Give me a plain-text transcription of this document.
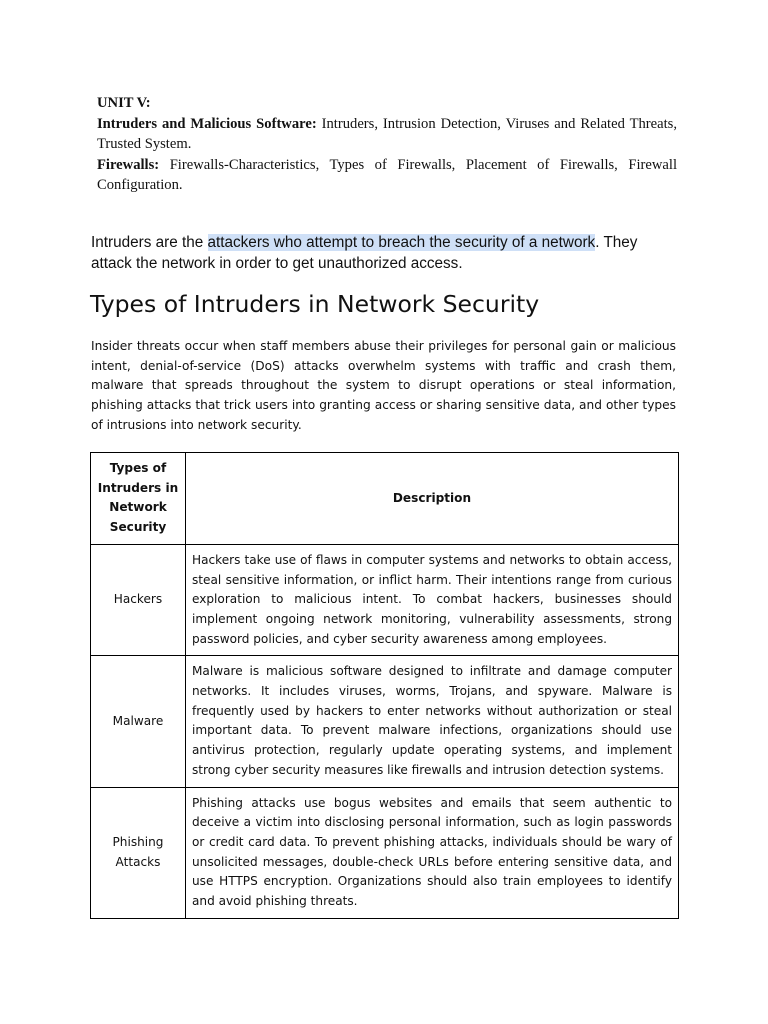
UNIT V:

Intruders and Malicious Software: Intruders, Intrusion Detection, Viruses and Related Threats, Trusted System.

Firewalls: Firewalls-Characteristics, Types of Firewalls, Placement of Firewalls, Firewall Configuration.

Intruders are the attackers who attempt to breach the security of a network. They attack the network in order to get unauthorized access.

Types of Intruders in Network Security

Insider threats occur when staff members abuse their privileges for personal gain or malicious intent, denial-of-service (DoS) attacks overwhelm systems with traffic and crash them, malware that spreads throughout the system to disrupt operations or steal information, phishing attacks that trick users into granting access or sharing sensitive data, and other types of intrusions into network security.

Types of Intruders in Network Security	Description
Hackers	Hackers take use of flaws in computer systems and networks to obtain access, steal sensitive information, or inflict harm. Their intentions range from curious exploration to malicious intent. To combat hackers, businesses should implement ongoing network monitoring, vulnerability assessments, strong password policies, and cyber security awareness among employees.
Malware	Malware is malicious software designed to infiltrate and damage computer networks. It includes viruses, worms, Trojans, and spyware. Malware is frequently used by hackers to enter networks without authorization or steal important data. To prevent malware infections, organizations should use antivirus protection, regularly update operating systems, and implement strong cyber security measures like firewalls and intrusion detection systems.
Phishing Attacks	Phishing attacks use bogus websites and emails that seem authentic to deceive a victim into disclosing personal information, such as login passwords or credit card data. To prevent phishing attacks, individuals should be wary of unsolicited messages, double-check URLs before entering sensitive data, and use HTTPS encryption. Organizations should also train employees to identify and avoid phishing threats.
